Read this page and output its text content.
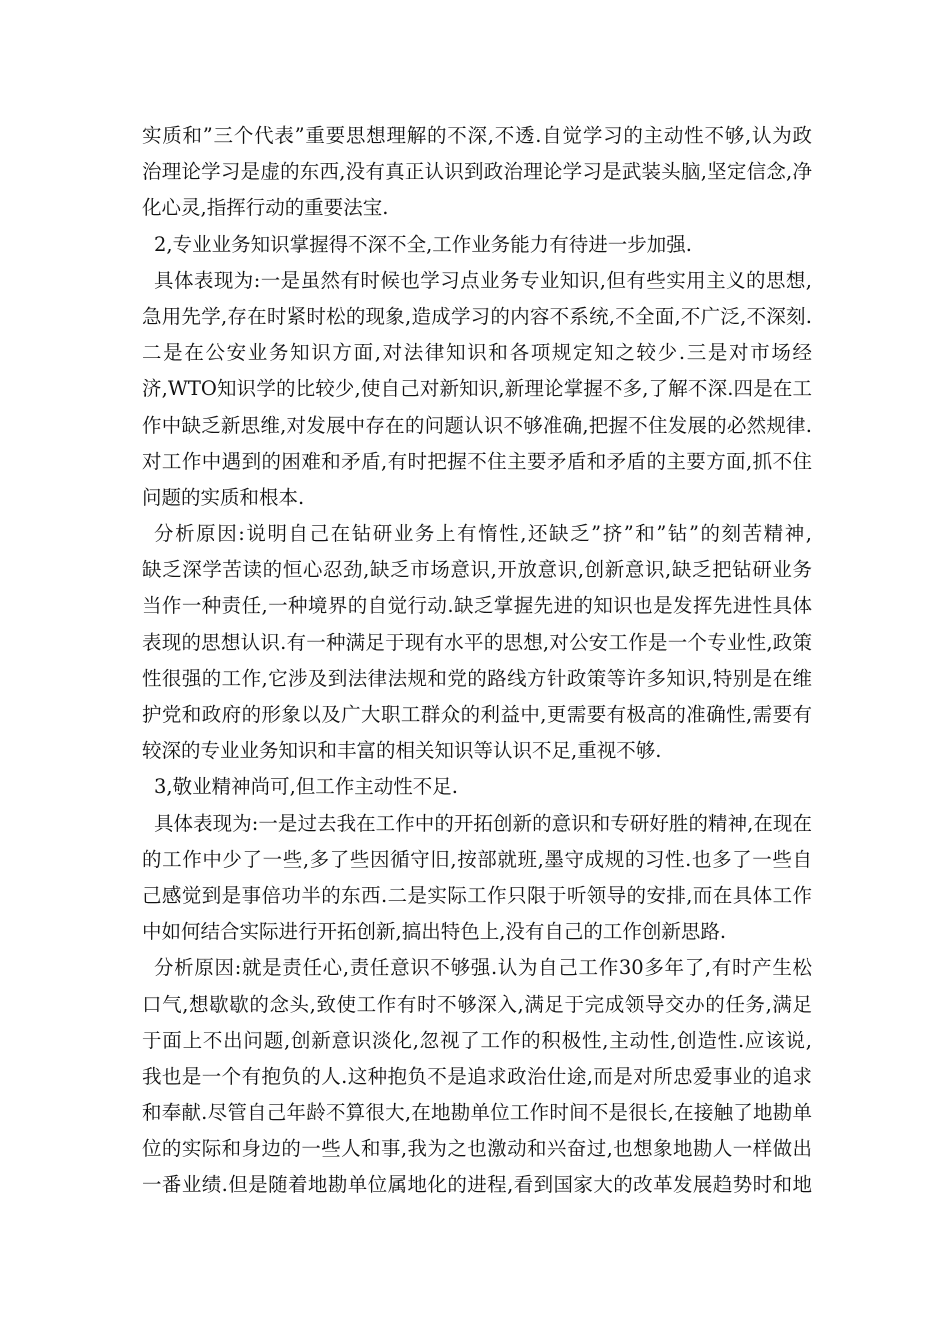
实质和”三个代表”重要思想理解的不深,不透.自觉学习的主动性不够,认为政
治理论学习是虚的东西,没有真正认识到政治理论学习是武装头脑,坚定信念,净
化心灵,指挥行动的重要法宝.
2,专业业务知识掌握得不深不全,工作业务能力有待进一步加强.
具体表现为:一是虽然有时候也学习点业务专业知识,但有些实用主义的思想,
急用先学,存在时紧时松的现象,造成学习的内容不系统,不全面,不广泛,不深刻.
二是在公安业务知识方面,对法律知识和各项规定知之较少.三是对市场经
济,WTO知识学的比较少,使自己对新知识,新理论掌握不多,了解不深.四是在工
作中缺乏新思维,对发展中存在的问题认识不够准确,把握不住发展的必然规律.
对工作中遇到的困难和矛盾,有时把握不住主要矛盾和矛盾的主要方面,抓不住
问题的实质和根本.
分析原因:说明自己在钻研业务上有惰性,还缺乏”挤”和”钻”的刻苦精神,
缺乏深学苦读的恒心忍劲,缺乏市场意识,开放意识,创新意识,缺乏把钻研业务
当作一种责任,一种境界的自觉行动.缺乏掌握先进的知识也是发挥先进性具体
表现的思想认识.有一种满足于现有水平的思想,对公安工作是一个专业性,政策
性很强的工作,它涉及到法律法规和党的路线方针政策等许多知识,特别是在维
护党和政府的形象以及广大职工群众的利益中,更需要有极高的准确性,需要有
较深的专业业务知识和丰富的相关知识等认识不足,重视不够.
3,敬业精神尚可,但工作主动性不足.
具体表现为:一是过去我在工作中的开拓创新的意识和专研好胜的精神,在现在
的工作中少了一些,多了些因循守旧,按部就班,墨守成规的习性.也多了一些自
己感觉到是事倍功半的东西.二是实际工作只限于听领导的安排,而在具体工作
中如何结合实际进行开拓创新,搞出特色上,没有自己的工作创新思路.
分析原因:就是责任心,责任意识不够强.认为自己工作30多年了,有时产生松
口气,想歇歇的念头,致使工作有时不够深入,满足于完成领导交办的任务,满足
于面上不出问题,创新意识淡化,忽视了工作的积极性,主动性,创造性.应该说,
我也是一个有抱负的人.这种抱负不是追求政治仕途,而是对所忠爱事业的追求
和奉献.尽管自己年龄不算很大,在地勘单位工作时间不是很长,在接触了地勘单
位的实际和身边的一些人和事,我为之也激动和兴奋过,也想象地勘人一样做出
一番业绩.但是随着地勘单位属地化的进程,看到国家大的改革发展趋势时和地
